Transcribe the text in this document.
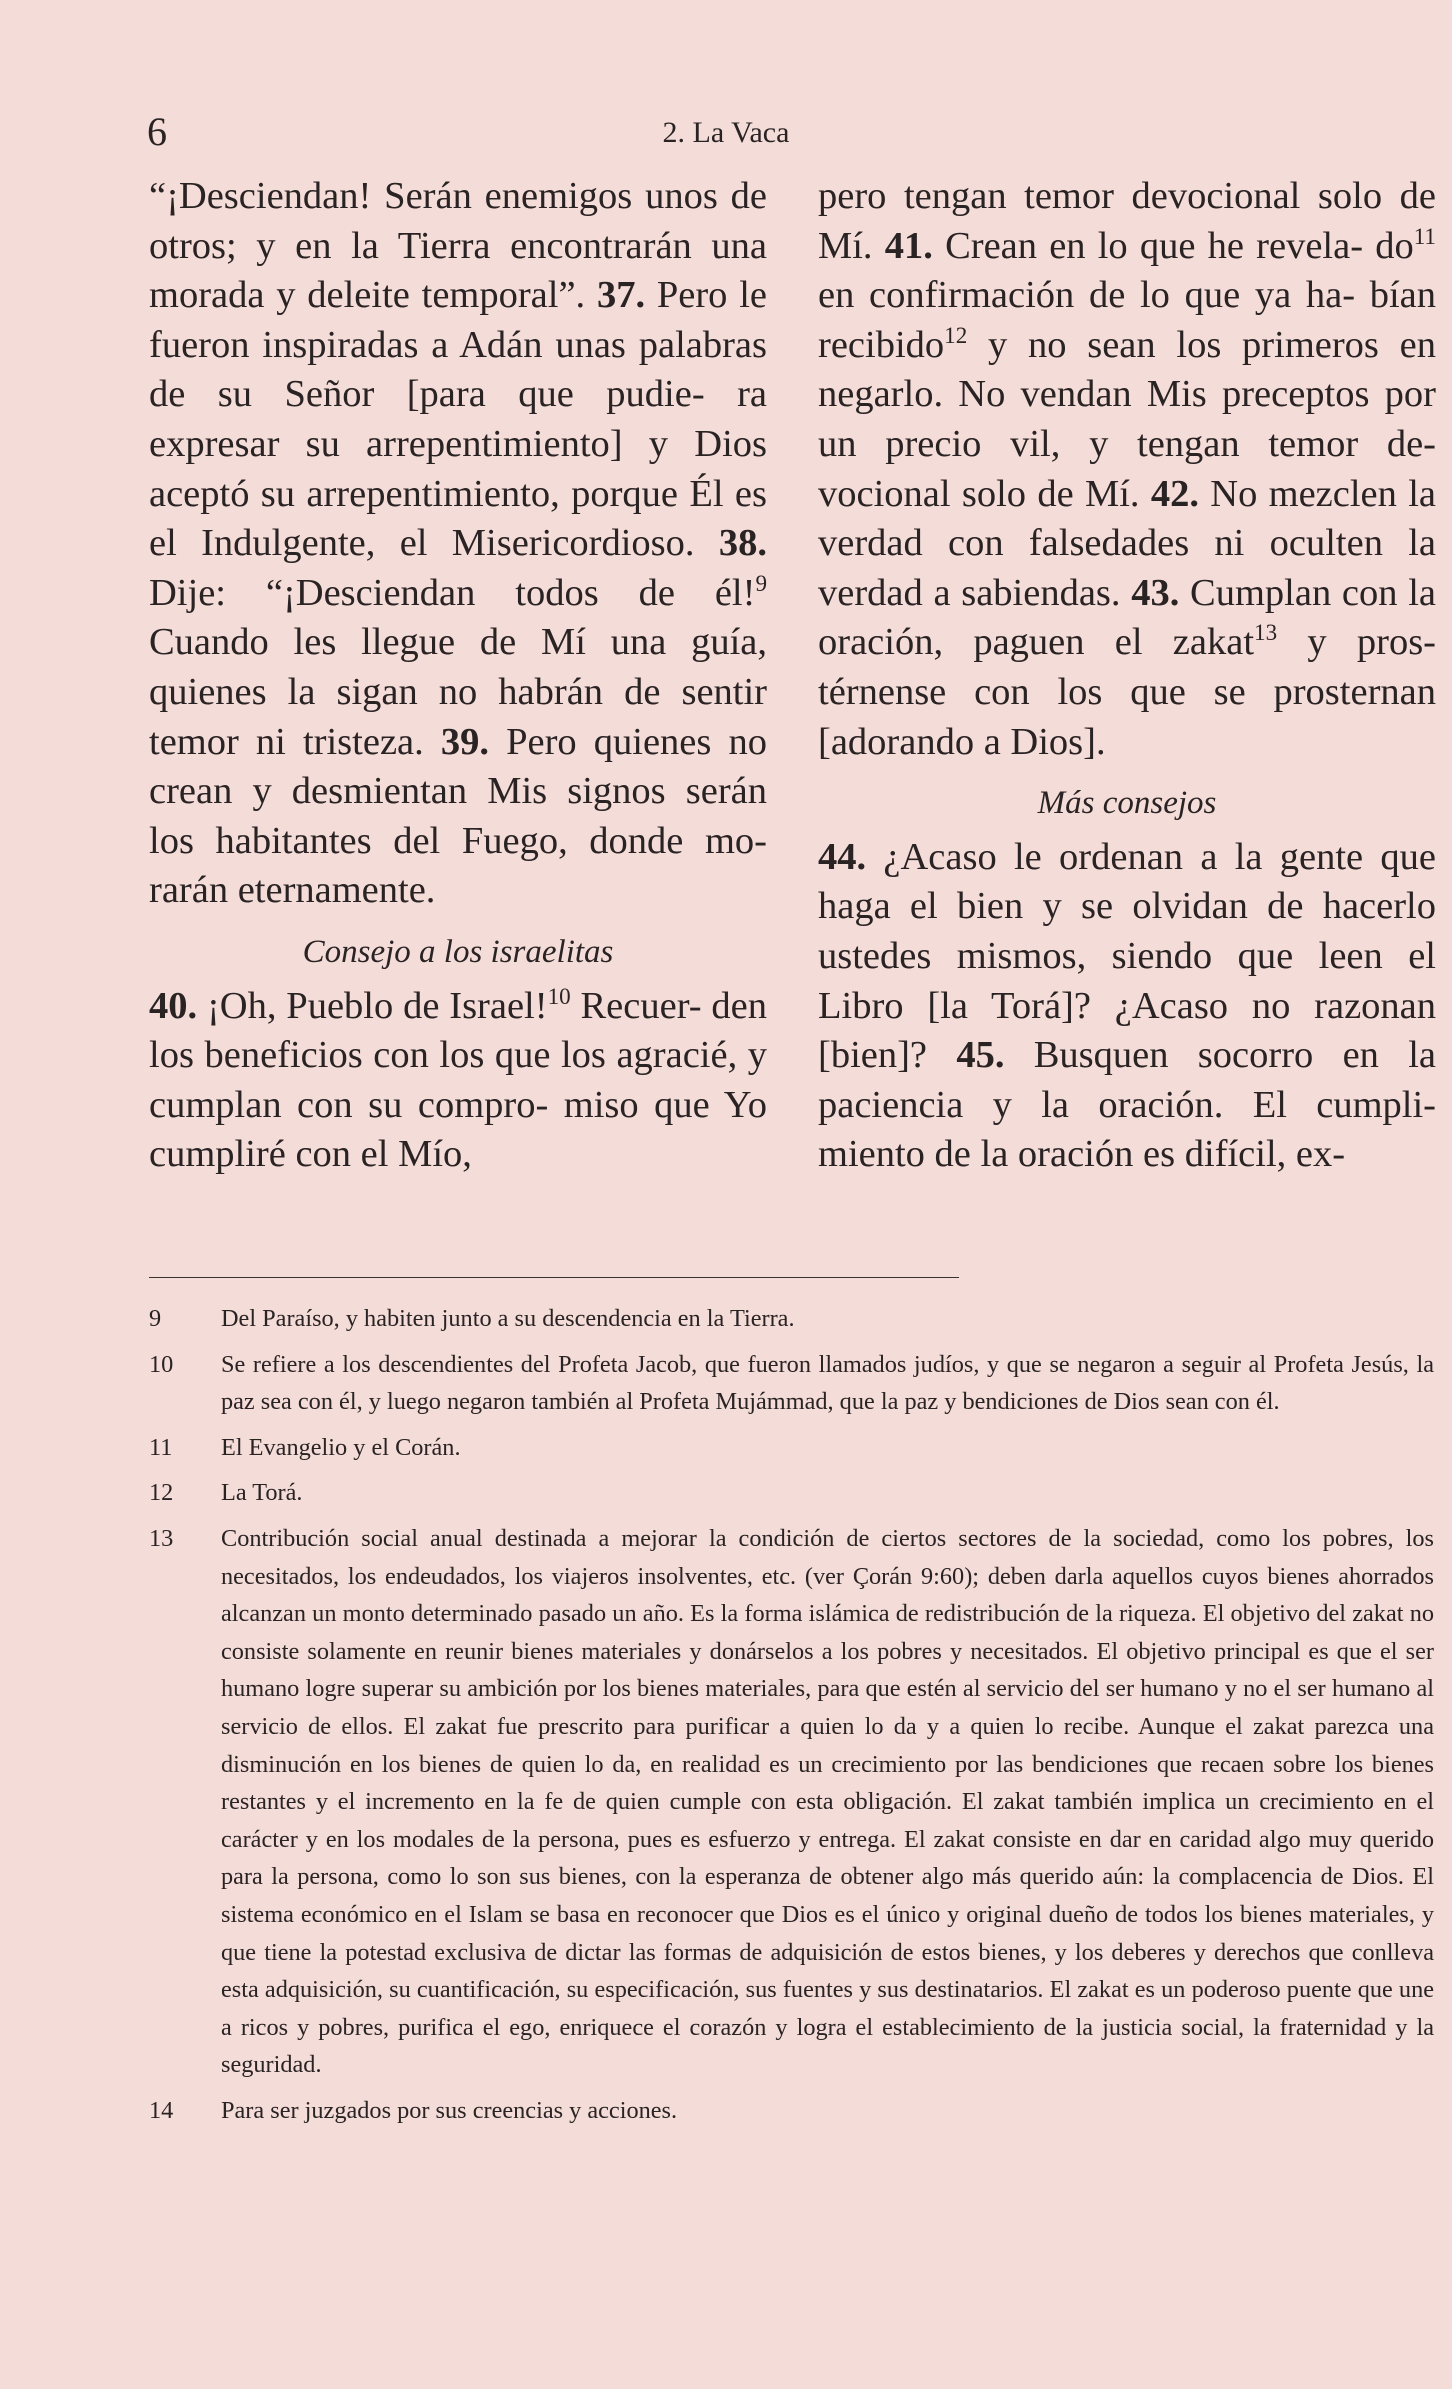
6	2. La Vaca

“¡Desciendan! Serán enemigos unos de otros; y en la Tierra encontrarán una morada y deleite temporal”. 37. Pero le fueron inspiradas a Adán unas palabras de su Señor [para que pudie- ra expresar su arrepentimiento] y Dios aceptó su arrepentimiento, porque Él es el Indulgente, el Misericordioso. 38. Dije: “¡Desciendan todos de él!$^9$ Cuando les llegue de Mí una guía, quienes la sigan no habrán de sentir temor ni tristeza. 39. Pero quienes no crean y desmientan Mis signos serán los habitantes del Fuego, donde mo- rarán eternamente.

Consejo a los israelitas

40. ¡Oh, Pueblo de Israel!$^{10}$ Recuer- den los beneficios con los que los agracié, y cumplan con su compro- miso que Yo cumpliré con el Mío,

pero tengan temor devocional solo de Mí. 41. Crean en lo que he revela- $do^{11}$ en confirmación de lo que ya ha- bían recibido$^{12}$ y no sean los primeros en negarlo. No vendan Mis preceptos por un precio vil, y tengan temor de- vocional solo de Mí. 42. No mezclen la verdad con falsedades ni oculten la verdad a sabiendas. 43. Cumplan con la oración, paguen el zakat$^{13}$ y pros- térnense con los que se prosternan [adorando a Dios].

Más consejos

44. ¿Acaso le ordenan a la gente que haga el bien y se olvidan de hacerlo ustedes mismos, siendo que leen el Libro [la Torá]? ¿Acaso no razonan [bien]? 45. Busquen socorro en la paciencia y la oración. El cumpli- miento de la oración es difícil, ex-

9	Del Paraíso, y habiten junto a su descendencia en la Tierra.
10	Se refiere a los descendientes del Profeta Jacob, que fueron llamados judíos, y que se negaron a seguir al Profeta Jesús, la paz sea con él, y luego negaron también al Profeta Mujámmad, que la paz y bendiciones de Dios sean con él.
11	El Evangelio y el Corán.
12	La Torá.
13	Contribución social anual destinada a mejorar la condición de ciertos sectores de la sociedad, como los pobres, los necesitados, los endeudados, los viajeros insolventes, etc. (ver Çorán 9:60); deben darla aquellos cuyos bienes ahorrados alcanzan un monto determinado pasado un año. Es la forma islámica de redistribución de la riqueza. El objetivo del zakat no consiste solamente en reunir bienes materiales y donárselos a los pobres y necesitados. El objetivo principal es que el ser humano logre superar su ambición por los bienes materiales, para que estén al servicio del ser humano y no el ser humano al servicio de ellos. El zakat fue prescrito para purificar a quien lo da y a quien lo recibe. Aunque el zakat parezca una disminución en los bienes de quien lo da, en realidad es un crecimiento por las bendiciones que recaen sobre los bienes restantes y el incremento en la fe de quien cumple con esta obligación. El zakat también implica un crecimiento en el carácter y en los modales de la persona, pues es esfuerzo y entrega. El zakat consiste en dar en caridad algo muy querido para la persona, como lo son sus bienes, con la esperanza de obtener algo más querido aún: la complacencia de Dios. El sistema económico en el Islam se basa en reconocer que Dios es el único y original dueño de todos los bienes materiales, y que tiene la potestad exclusiva de dictar las formas de adquisición de estos bienes, y los deberes y derechos que conlleva esta adquisición, su cuantificación, su especificación, sus fuentes y sus destinatarios. El zakat es un poderoso puente que une a ricos y pobres, purifica el ego, enriquece el corazón y logra el establecimiento de la justicia social, la fraternidad y la seguridad.
14	Para ser juzgados por sus creencias y acciones.
